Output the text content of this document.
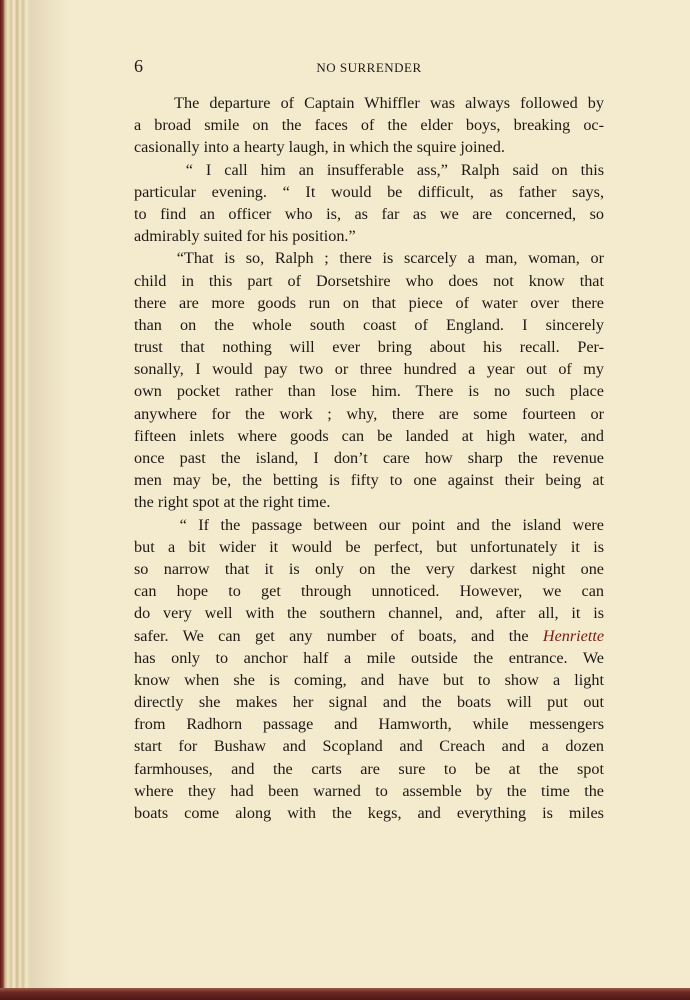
6	NO SURRENDER
The departure of Captain Whiffler was always followed by
a broad smile on the faces of the elder boys, breaking oc-
casionally into a hearty laugh, in which the squire joined.
“ I call him an insufferable ass,” Ralph said on this
particular evening. “ It would be difficult, as father says,
to find an officer who is, as far as we are concerned, so
admirably suited for his position.”
“That is so, Ralph ; there is scarcely a man, woman, or
child in this part of Dorsetshire who does not know that
there are more goods run on that piece of water over there
than on the whole south coast of England. I sincerely
trust that nothing will ever bring about his recall. Per-
sonally, I would pay two or three hundred a year out of my
own pocket rather than lose him. There is no such place
anywhere for the work ; why, there are some fourteen or
fifteen inlets where goods can be landed at high water, and
once past the island, I don’t care how sharp the revenue
men may be, the betting is fifty to one against their being at
the right spot at the right time.
“ If the passage between our point and the island were
but a bit wider it would be perfect, but unfortunately it is
so narrow that it is only on the very darkest night one
can hope to get through unnoticed. However, we can
do very well with the southern channel, and, after all, it is
safer. We can get any number of boats, and the Henriette
has only to anchor half a mile outside the entrance. We
know when she is coming, and have but to show a light
directly she makes her signal and the boats will put out
from Radhorn passage and Hamworth, while messengers
start for Bushaw and Scopland and Creach and a dozen
farmhouses, and the carts are sure to be at the spot
where they had been warned to assemble by the time the
boats come along with the kegs, and everything is miles
